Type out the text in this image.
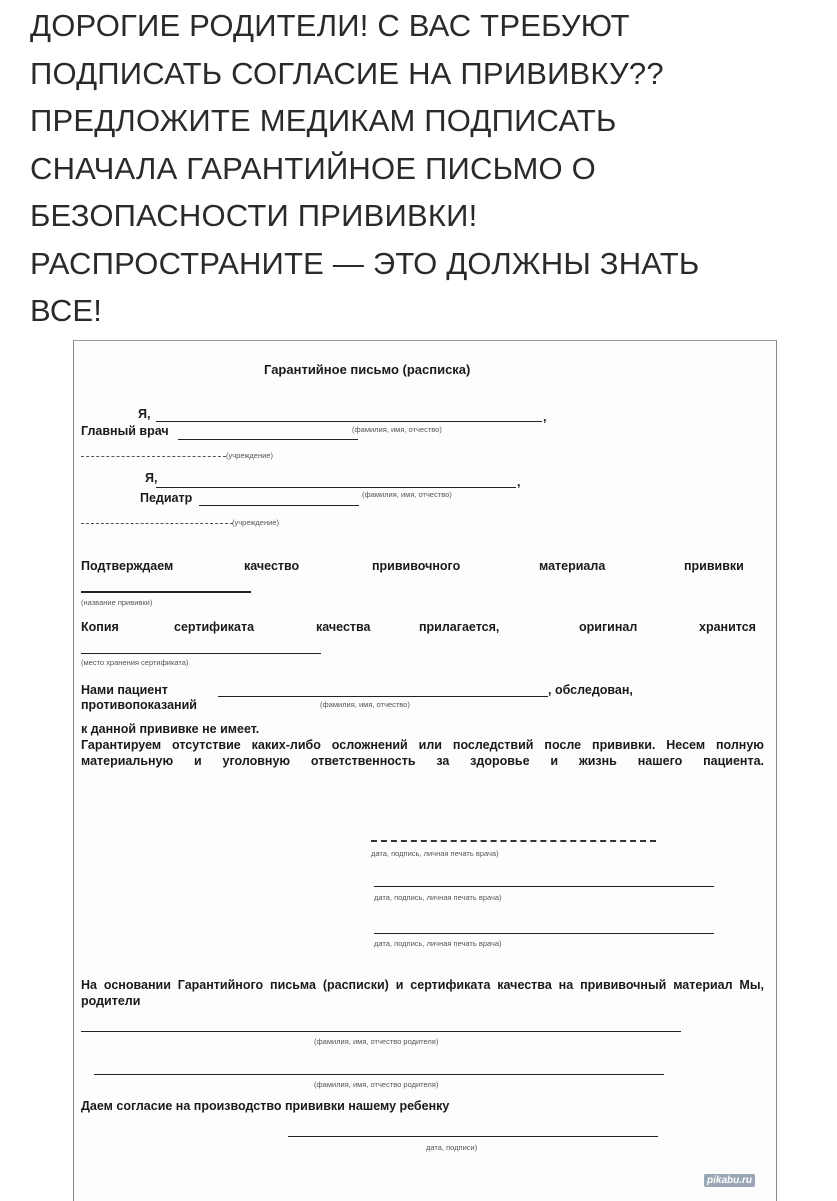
ДОРОГИЕ РОДИТЕЛИ! С ВАС ТРЕБУЮТ
ПОДПИСАТЬ СОГЛАСИЕ НА ПРИВИВКУ??
ПРЕДЛОЖИТЕ МЕДИКАМ ПОДПИСАТЬ
СНАЧАЛА ГАРАНТИЙНОЕ ПИСЬМО О
БЕЗОПАСНОСТИ ПРИВИВКИ!
РАСПРОСТРАНИТЕ — ЭТО ДОЛЖНЫ ЗНАТЬ
ВСЕ!
Гарантийное письмо (расписка)
Я,	,
Главный врач	(фамилия, имя, отчество)
(учреждение)
Я,	,
Педиатр	(фамилия, имя, отчество)
(учреждение)
Подтверждаем	качество	прививочного	материала	прививки
(название прививки)
Копия	сертификата	качества	прилагается,	оригинал	хранится
(место хранения сертификата)
Нами пациент	, обследован,
противопоказаний	(фамилия, имя, отчество)
к данной прививке не имеет.
Гарантируем отсутствие каких-либо осложнений или последствий после прививки. Несем полную материальную и уголовную ответственность за здоровье и жизнь нашего пациента.
дата, подпись, личная печать врача)
дата, подпись, личная печать врача)
дата, подпись, личная печать врача)
На основании Гарантийного письма (расписки) и сертификата качества на прививочный материал Мы, родители
(фамилия, имя, отчество родителя)
(фамилия, имя, отчество родителя)
Даем согласие на производство прививки нашему ребенку
дата, подписи)
pikabu.ru
